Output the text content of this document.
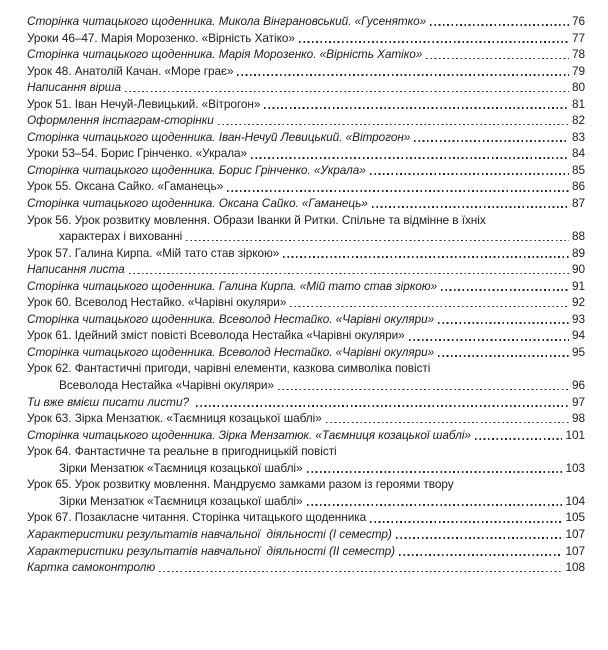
Сторінка читацького щоденника. Микола Вінграновський. «Гусенятко»	76
Уроки 46–47. Марія Морозенко. «Вірність Хатіко»	77
Сторінка читацького щоденника. Марія Морозенко. «Вірність Хатіко»	78
Урок 48. Анатолій Качан. «Море грає»	79
Написання вірша	80
Урок 51. Іван Нечуй-Левицький. «Вітрогон»	81
Оформлення інстаграм-сторінки	82
Сторінка читацького щоденника. Іван-Нечуй Левицький. «Вітрогон»	83
Уроки 53–54. Борис Грінченко. «Украла»	84
Сторінка читацького щоденника. Борис Грінченко. «Украла»	85
Урок 55. Оксана Сайко. «Гаманець»	86
Сторінка читацького щоденника. Оксана Сайко. «Гаманець»	87
Урок 56. Урок розвитку мовлення. Образи Іванки й Ритки. Спільне та відмінне в їхніх
характерах і вихованні	88
Урок 57. Галина Кирпа. «Мій тато став зіркою»	89
Написання листа	90
Сторінка читацького щоденника. Галина Кирпа. «Мій тато став зіркою»	91
Урок 60. Всеволод Нестайко. «Чарівні окуляри»	92
Сторінка читацького щоденника. Всеволод Нестайко. «Чарівні окуляри»	93
Урок 61. Ідейний зміст повісті Всеволода Нестайка «Чарівні окуляри»	94
Сторінка читацького щоденника. Всеволод Нестайко. «Чарівні окуляри»	95
Урок 62. Фантастичні пригоди, чарівні елементи, казкова символіка повісті
Всеволода Нестайка «Чарівні окуляри»	96
Ти вже вмієш писати листи?	97
Урок 63. Зірка Мензатюк. «Таємниця козацької шаблі»	98
Сторінка читацького щоденника. Зірка Мензатюк. «Таємниця козацької шаблі»	101
Урок 64. Фантастичне та реальне в пригодницькій повісті
Зірки Мензатюк «Таємниця козацької шаблі»	103
Урок 65. Урок розвитку мовлення. Мандруємо замками разом із героями твору
Зірки Мензатюк «Таємниця козацької шаблі»	104
Урок 67. Позакласне читання. Сторінка читацького щоденника	105
Характеристики результатів навчальної  діяльності (І семестр)	107
Характеристики результатів навчальної  діяльності (ІІ семестр)	107
Картка самоконтролю	108
